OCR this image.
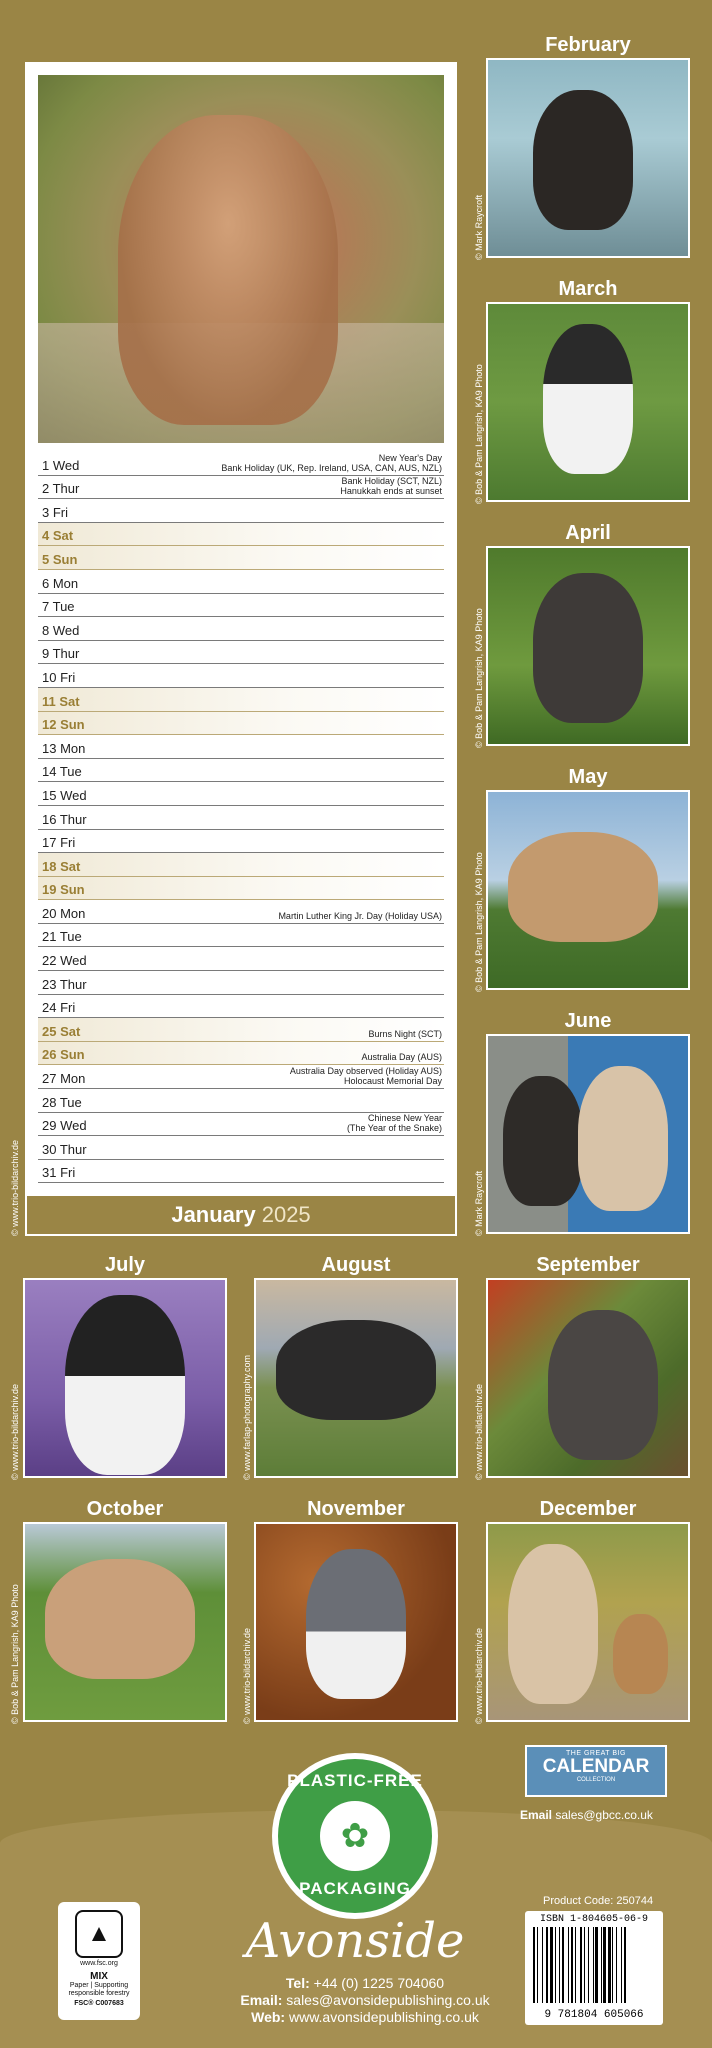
1 Wed	New Year's Day
Bank Holiday (UK, Rep. Ireland, USA, CAN, AUS, NZL)
2 Thur	Bank Holiday (SCT, NZL)
Hanukkah ends at sunset
3 Fri
4 Sat
5 Sun
6 Mon
7 Tue
8 Wed
9 Thur
10 Fri
11 Sat
12 Sun
13 Mon
14 Tue
15 Wed
16 Thur
17 Fri
18 Sat
19 Sun
20 Mon	Martin Luther King Jr. Day (Holiday USA)
21 Tue
22 Wed
23 Thur
24 Fri
25 Sat	Burns Night (SCT)
26 Sun	Australia Day (AUS)
27 Mon	Australia Day observed (Holiday AUS)
Holocaust Memorial Day
28 Tue
29 Wed	Chinese New Year
(The Year of the Snake)
30 Thur
31 Fri
January 2025
© www.trio-bildarchiv.de
February
© Mark Raycroft
March
© Bob & Pam Langrish, KA9 Photo
April
© Bob & Pam Langrish, KA9 Photo
May
© Bob & Pam Langrish, KA9 Photo
June
© Mark Raycroft
July
© www.trio-bildarchiv.de
August
© www.farlap-photography.com
September
© www.trio-bildarchiv.de
October
© Bob & Pam Langrish, KA9 Photo
November
© www.trio-bildarchiv.de
December
© www.trio-bildarchiv.de
PLASTIC-FREE
✿
PACKAGING
THE GREAT BIG
CALENDAR
COLLECTION
Email sales@gbcc.co.uk
▲
www.fsc.org
MIX
Paper | Supporting responsible forestry
FSC® C007683
Avonside
Tel: +44 (0) 1225 704060
Email: sales@avonsidepublishing.co.uk
Web: www.avonsidepublishing.co.uk
Product Code: 250744
ISBN 1-804605-06-9
9 781804 605066
